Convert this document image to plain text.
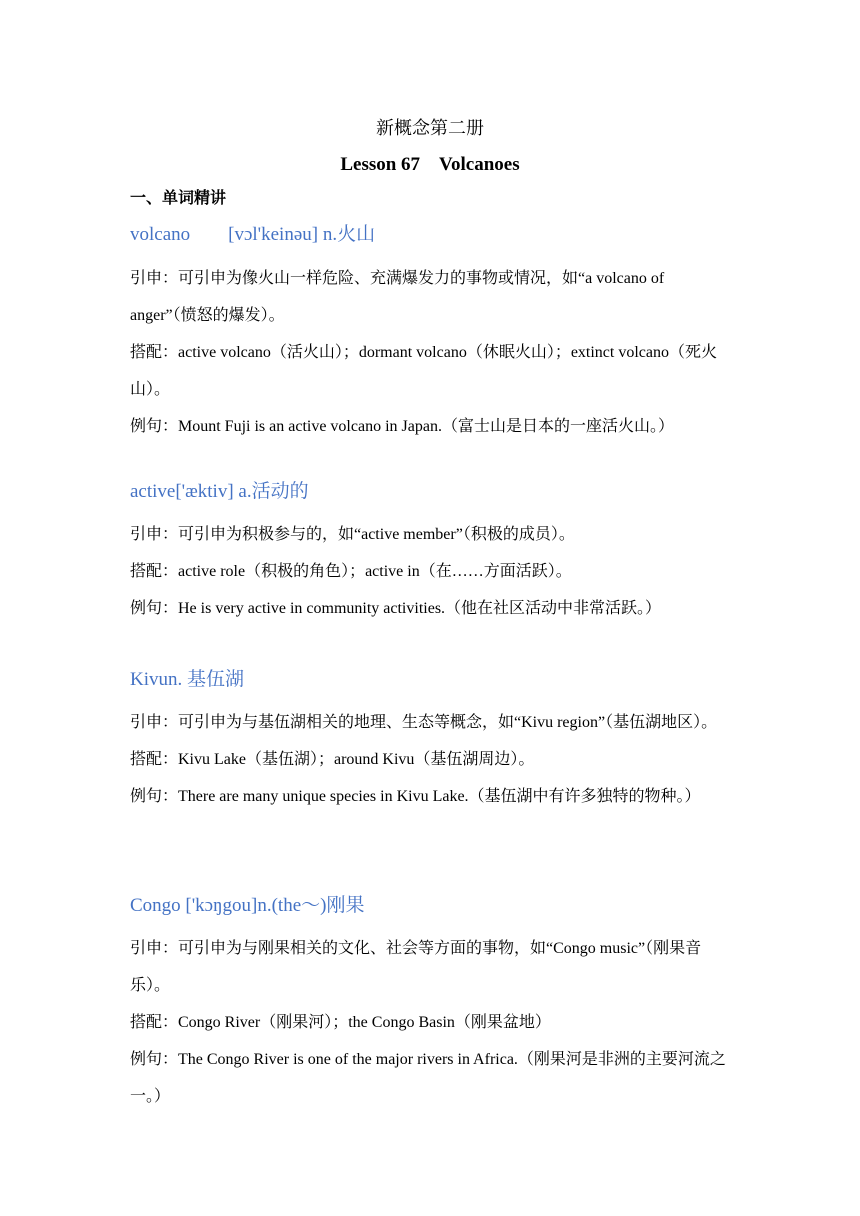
新概念第二册
Lesson 67　Volcanoes
一、单词精讲
volcano　　[vɔl'keinəu] n.火山

引申：可引申为像火山一样危险、充满爆发力的事物或情况，如“a volcano of anger”（愤怒的爆发）。

搭配：active volcano（活火山）；dormant volcano（休眠火山）；extinct volcano（死火山）。

例句：Mount Fuji is an active volcano in Japan.（富士山是日本的一座活火山。）

active['æktiv] a.活动的

引申：可引申为积极参与的，如“active member”（积极的成员）。

搭配：active role（积极的角色）；active in（在……方面活跃）。

例句：He is very active in community activities.（他在社区活动中非常活跃。）

Kivun. 基伍湖

引申：可引申为与基伍湖相关的地理、生态等概念，如“Kivu region”（基伍湖地区）。

搭配：Kivu Lake（基伍湖）；around Kivu（基伍湖周边）。

例句：There are many unique species in Kivu Lake.（基伍湖中有许多独特的物种。）

Congo ['kɔŋgou]n.(the～)刚果

引申：可引申为与刚果相关的文化、社会等方面的事物，如“Congo music”（刚果音乐）。

搭配：Congo River（刚果河）；the Congo Basin（刚果盆地）

例句：The Congo River is one of the major rivers in Africa.（刚果河是非洲的主要河流之一。）
